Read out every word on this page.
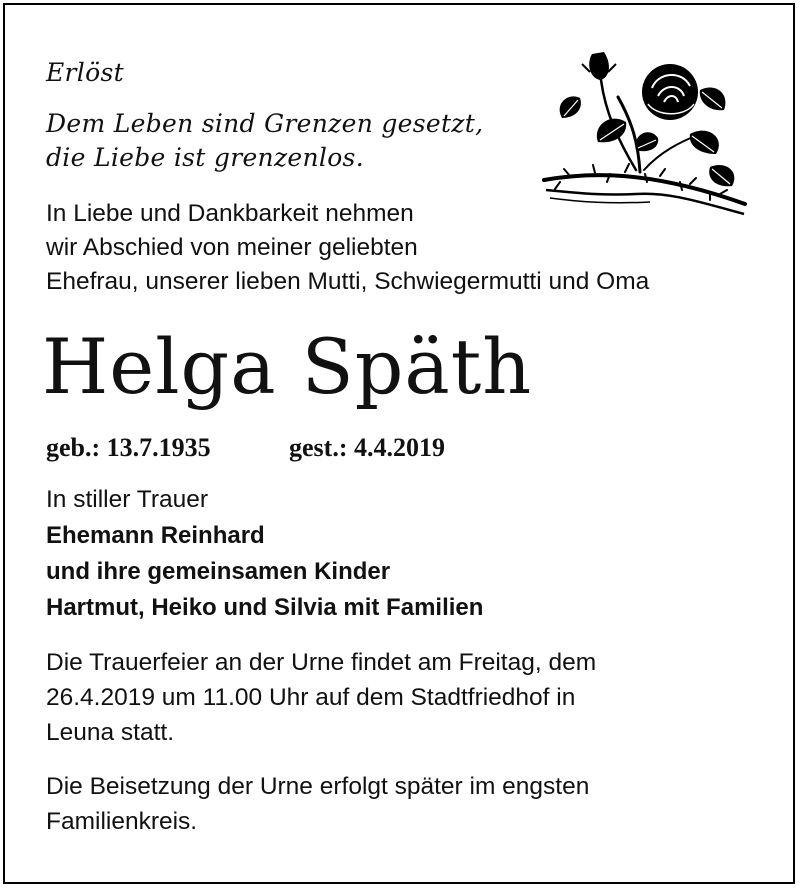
Erlöst

Dem Leben sind Grenzen gesetzt,

die Liebe ist grenzenlos.

In Liebe und Dankbarkeit nehmen

wir Abschied von meiner geliebten

Ehefrau, unserer lieben Mutti, Schwiegermutti und Oma

Helga Späth

geb.: 13.7.1935	gest.: 4.4.2019

In stiller Trauer

Ehemann Reinhard

und ihre gemeinsamen Kinder

Hartmut, Heiko und Silvia mit Familien

Die Trauerfeier an der Urne findet am Freitag, dem

26.4.2019 um 11.00 Uhr auf dem Stadtfriedhof in

Leuna statt.

Die Beisetzung der Urne erfolgt später im engsten

Familienkreis.
